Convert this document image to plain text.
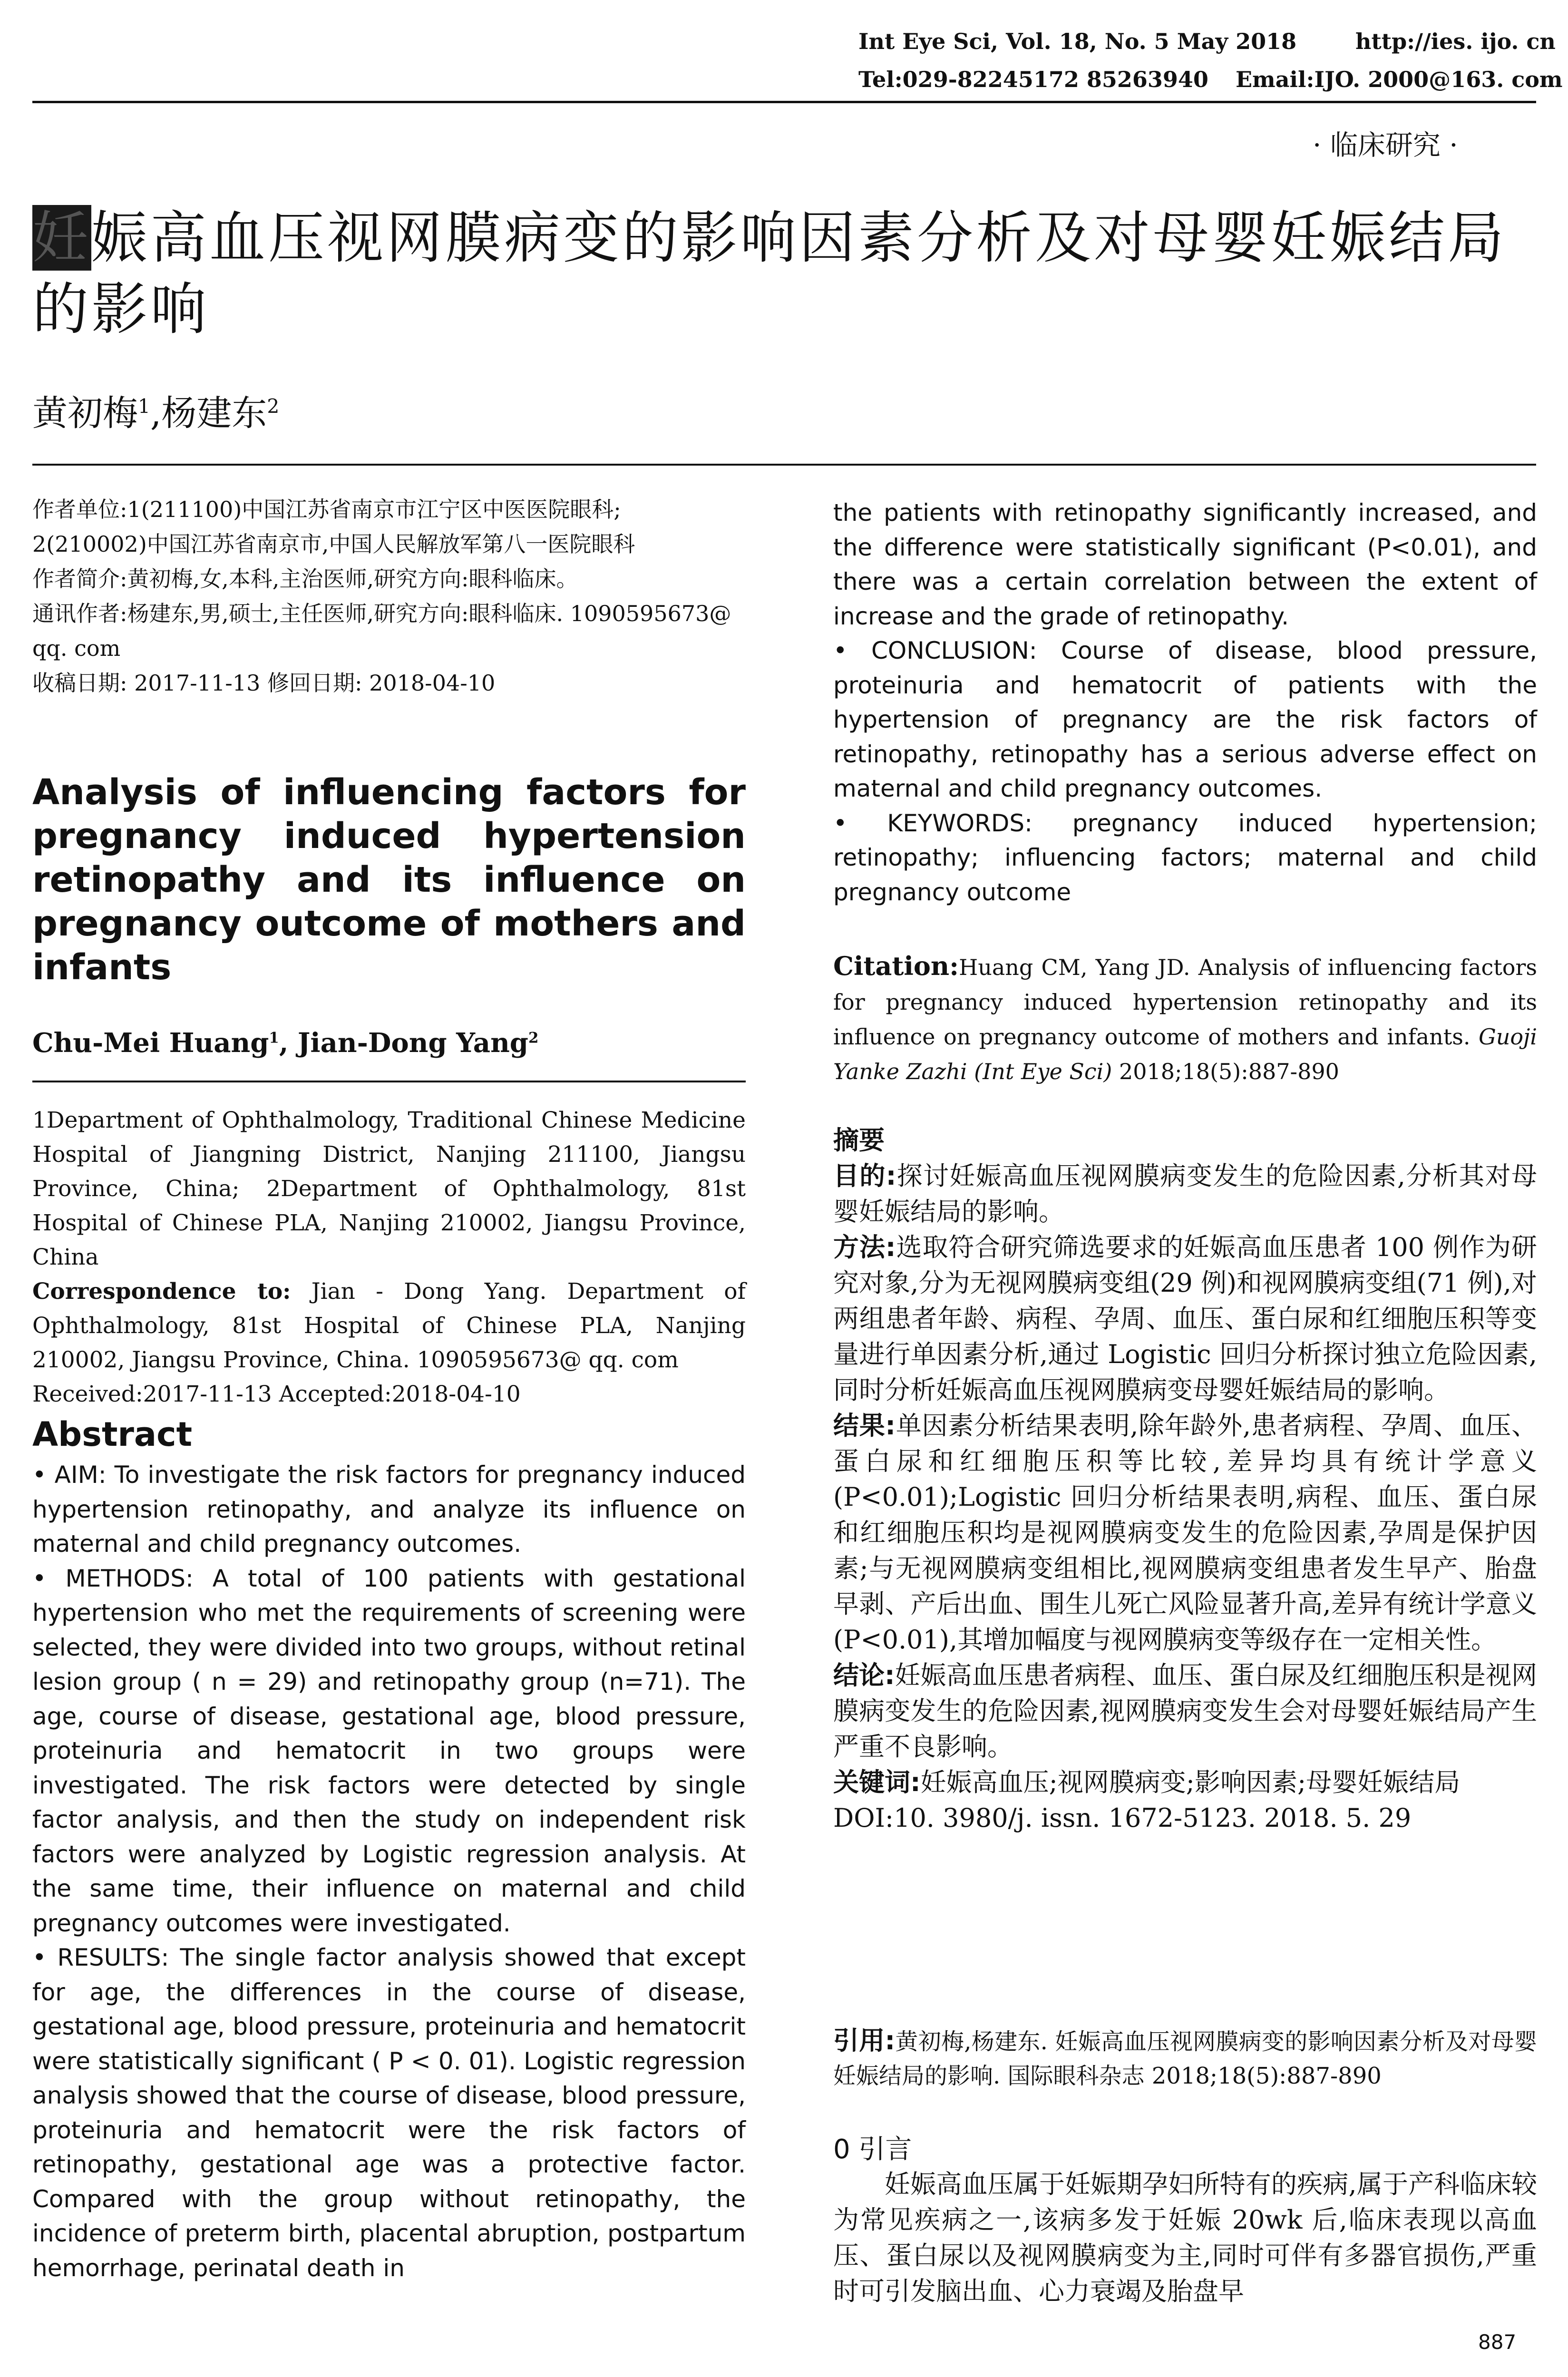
Int Eye Sci, Vol. 18, No. 5 May 2018	http://ies. ijo. cn
Tel:029-82245172 85263940 Email:IJO. 2000@163. com
· 临床研究 ·
妊娠高血压视网膜病变的影响因素分析及对母婴妊娠结局的影响
黄初梅$^1$,杨建东$^2$
作者单位:1(211100)中国江苏省南京市江宁区中医医院眼科;
2(210002)中国江苏省南京市,中国人民解放军第八一医院眼科
作者简介:黄初梅,女,本科,主治医师,研究方向:眼科临床。
通讯作者:杨建东,男,硕士,主任医师,研究方向:眼科临床. 1090595673@ qq. com
收稿日期: 2017-11-13 修回日期: 2018-04-10
Analysis of influencing factors for
pregnancy induced hypertension
retinopathy and its influence on
pregnancy outcome of mothers and
infants
Chu-Mei Huang$^1$, Jian-Dong Yang$^2$
1Department of Ophthalmology, Traditional Chinese Medicine Hospital of Jiangning District, Nanjing 211100, Jiangsu Province, China; 2Department of Ophthalmology, 81st Hospital of Chinese PLA, Nanjing 210002, Jiangsu Province, China
Correspondence to: Jian - Dong Yang. Department of Ophthalmology, 81st Hospital of Chinese PLA, Nanjing 210002, Jiangsu Province, China. 1090595673@ qq. com
Received:2017-11-13 Accepted:2018-04-10
Abstract

• AIM: To investigate the risk factors for pregnancy induced hypertension retinopathy, and analyze its influence on maternal and child pregnancy outcomes.

• METHODS: A total of 100 patients with gestational hypertension who met the requirements of screening were selected, they were divided into two groups, without retinal lesion group ( n = 29) and retinopathy group (n=71). The age, course of disease, gestational age, blood pressure, proteinuria and hematocrit in two groups were investigated. The risk factors were detected by single factor analysis, and then the study on independent risk factors were analyzed by Logistic regression analysis. At the same time, their influence on maternal and child pregnancy outcomes were investigated.

• RESULTS: The single factor analysis showed that except for age, the differences in the course of disease, gestational age, blood pressure, proteinuria and hematocrit were statistically significant ( P < 0. 01). Logistic regression analysis showed that the course of disease, blood pressure, proteinuria and hematocrit were the risk factors of retinopathy, gestational age was a protective factor. Compared with the group without retinopathy, the incidence of preterm birth, placental abruption, postpartum hemorrhage, perinatal death in

the patients with retinopathy significantly increased, and the difference were statistically significant (P<0.01), and there was a certain correlation between the extent of increase and the grade of retinopathy.

• CONCLUSION: Course of disease, blood pressure, proteinuria and hematocrit of patients with the hypertension of pregnancy are the risk factors of retinopathy, retinopathy has a serious adverse effect on maternal and child pregnancy outcomes.

• KEYWORDS: pregnancy induced hypertension; retinopathy; influencing factors; maternal and child pregnancy outcome

Citation:Huang CM, Yang JD. Analysis of influencing factors for pregnancy induced hypertension retinopathy and its influence on pregnancy outcome of mothers and infants. Guoji Yanke Zazhi (Int Eye Sci) 2018;18(5):887-890
摘要

目的:探讨妊娠高血压视网膜病变发生的危险因素,分析其对母婴妊娠结局的影响。

方法:选取符合研究筛选要求的妊娠高血压患者 100 例作为研究对象,分为无视网膜病变组(29 例)和视网膜病变组(71 例),对两组患者年龄、病程、孕周、血压、蛋白尿和红细胞压积等变量进行单因素分析,通过 Logistic 回归分析探讨独立危险因素,同时分析妊娠高血压视网膜病变母婴妊娠结局的影响。

结果:单因素分析结果表明,除年龄外,患者病程、孕周、血压、蛋白尿和红细胞压积等比较,差异均具有统计学意义(P<0.01);Logistic 回归分析结果表明,病程、血压、蛋白尿和红细胞压积均是视网膜病变发生的危险因素,孕周是保护因素;与无视网膜病变组相比,视网膜病变组患者发生早产、胎盘早剥、产后出血、围生儿死亡风险显著升高,差异有统计学意义(P<0.01),其增加幅度与视网膜病变等级存在一定相关性。

结论:妊娠高血压患者病程、血压、蛋白尿及红细胞压积是视网膜病变发生的危险因素,视网膜病变发生会对母婴妊娠结局产生严重不良影响。

关键词:妊娠高血压;视网膜病变;影响因素;母婴妊娠结局

DOI:10. 3980/j. issn. 1672-5123. 2018. 5. 29

引用:黄初梅,杨建东. 妊娠高血压视网膜病变的影响因素分析及对母婴妊娠结局的影响. 国际眼科杂志 2018;18(5):887-890
0 引言
妊娠高血压属于妊娠期孕妇所特有的疾病,属于产科临床较为常见疾病之一,该病多发于妊娠 20wk 后,临床表现以高血压、蛋白尿以及视网膜病变为主,同时可伴有多器官损伤,严重时可引发脑出血、心力衰竭及胎盘早
887
